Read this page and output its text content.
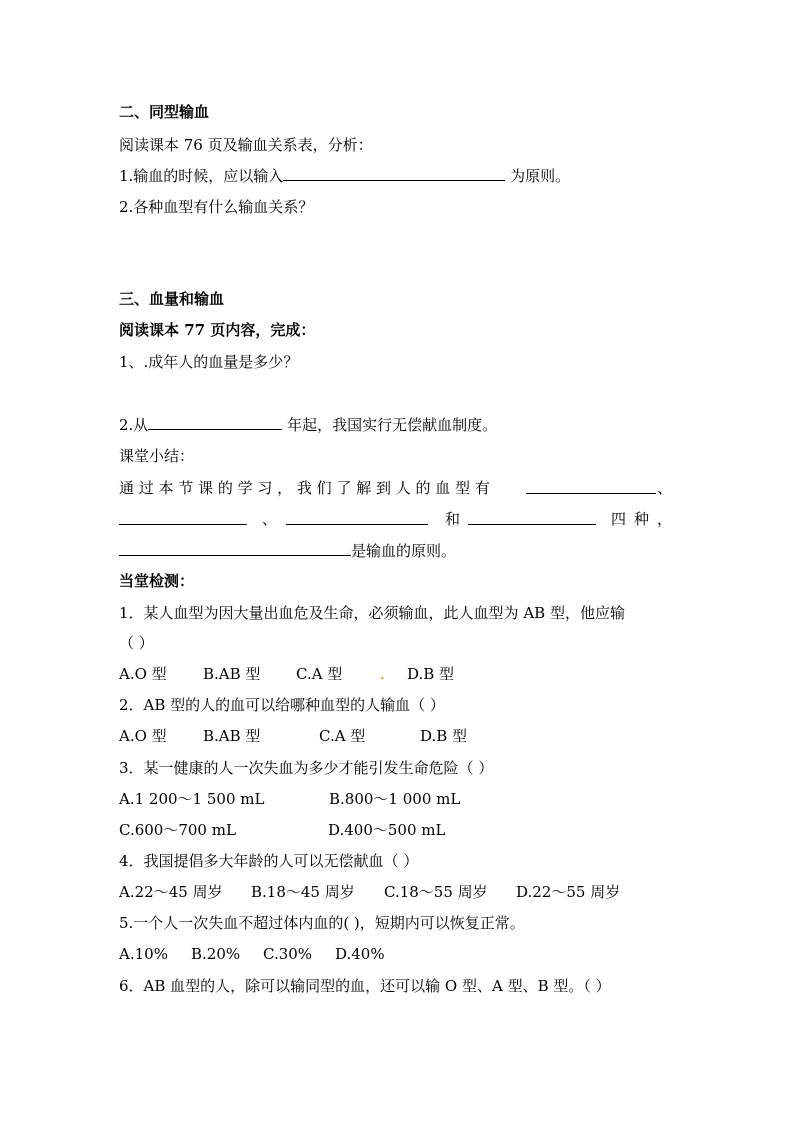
二、同型输血
阅读课本 76 页及输血关系表，分析：
1.输血的时候，应以输入	为原则。
2.各种血型有什么输血关系？
三、血量和输血
阅读课本 77 页内容，完成：
1、.成年人的血量是多少？
2.从	年起，我国实行无偿献血制度。
课堂小结：
通 过 本 节 课 的 学 习 ， 我 们 了 解 到 人 的 血 型 有	、
、	和	四 种 ，
是输血的原则。
当堂检测：
1．某人血型为因大量出血危及生命，必须输血，此人血型为 AB 型，他应输
（ ）
A.O 型 B.AB 型 C.A 型	. D.B 型
2．AB 型的人的血可以给哪种血型的人输血（ ）
A.O 型 B.AB 型	C.A 型	D.B 型
3．某一健康的人一次失血为多少才能引发生命危险（ ）
A.1 200～1 500 mL	B.800～1 000 mL
C.600～700 mL	D.400～500 mL
4．我国提倡多大年龄的人可以无偿献血（ ）
A.22～45 周岁 B.18～45 周岁 C.18～55 周岁 D.22～55 周岁
5.一个人一次失血不超过体内血的( )，短期内可以恢复正常。
A.10% B.20% C.30% D.40%
6．AB 血型的人，除可以输同型的血，还可以输 O 型、A 型、B 型。（ ）
